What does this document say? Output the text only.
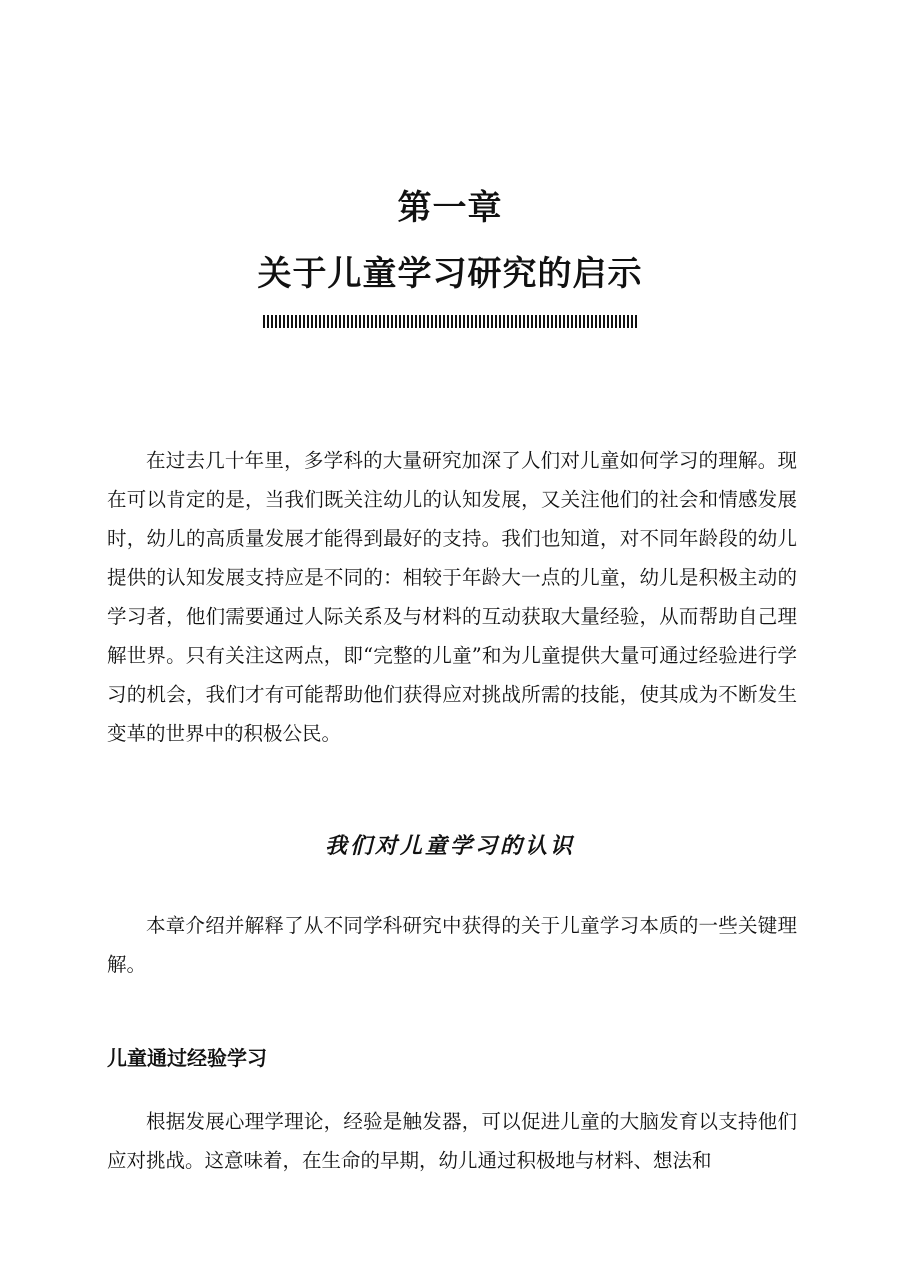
第一章
关于儿童学习研究的启示

在过去几十年里，多学科的大量研究加深了人们对儿童如何学习的理解。现在可以肯定的是，当我们既关注幼儿的认知发展，又关注他们的社会和情感发展时，幼儿的高质量发展才能得到最好的支持。我们也知道，对不同年龄段的幼儿提供的认知发展支持应是不同的：相较于年龄大一点的儿童，幼儿是积极主动的学习者，他们需要通过人际关系及与材料的互动获取大量经验，从而帮助自己理解世界。只有关注这两点，即“完整的儿童”和为儿童提供大量可通过经验进行学习的机会，我们才有可能帮助他们获得应对挑战所需的技能，使其成为不断发生变革的世界中的积极公民。

我们对儿童学习的认识

本章介绍并解释了从不同学科研究中获得的关于儿童学习本质的一些关键理解。

儿童通过经验学习

根据发展心理学理论，经验是触发器，可以促进儿童的大脑发育以支持他们应对挑战。这意味着，在生命的早期，幼儿通过积极地与材料、想法和
